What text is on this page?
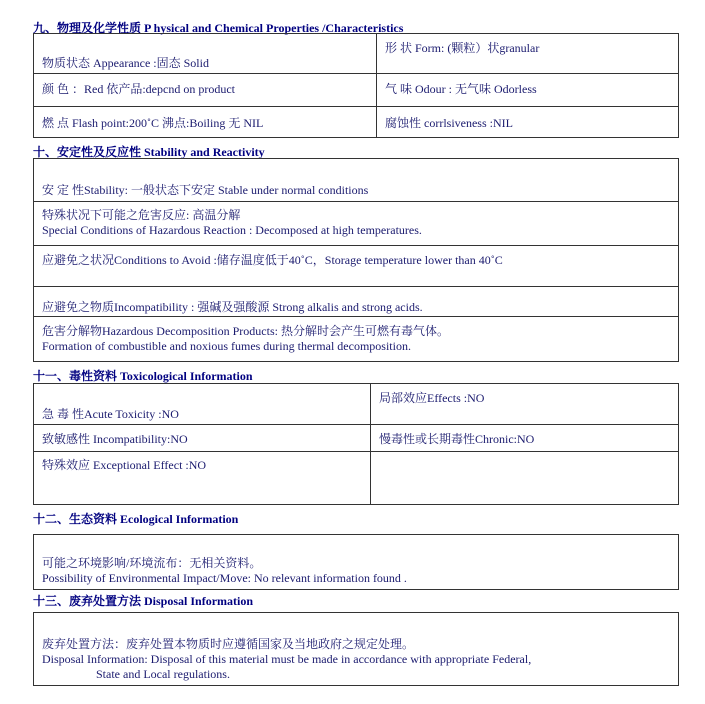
九、物理及化学性质 P hysical and Chemical Properties /Characteristics
物质状态 Appearance :固态 Solid	形 状 Form: (颗粒）状granular

颜 色 ：Red 依产品:depcnd on product	气 味 Odour : 无气味 Odorless

燃 点 Flash point:200˚C 沸点:Boiling 无 NIL	腐蚀性 corrlsiveness :NIL
十、安定性及反应性 Stability and Reactivity
安 定 性Stability: 一般状态下安定 Stable under normal conditions

特殊状况下可能之危害反应: 高温分解
Special Conditions of Hazardous Reaction : Decomposed at high temperatures.

应避免之状况Conditions to Avoid :储存温度低于40˚C，Storage temperature lower than 40˚C

应避免之物质Incompatibility : 强碱及强酸源 Strong alkalis and strong acids.

危害分解物Hazardous Decomposition Products: 热分解时会产生可燃有毒气体。
Formation of combustible and noxious fumes during thermal decomposition.
十一、毒性资料 Toxicological Information
急 毒 性Acute Toxicity :NO	局部效应Effects :NO

致敏感性 Incompatibility:NO	慢毒性或长期毒性Chronic:NO

特殊效应 Exceptional Effect :NO	

十二、生态资料 Ecological Information
可能之环境影响/环境流布：无相关资料。
Possibility of Environmental Impact/Move: No relevant information found .
十三、废弃处置方法 Disposal Information
废弃处置方法：废弃处置本物质时应遵循国家及当地政府之规定处理。
Disposal Information: Disposal of this material must be made in accordance with appropriate Federal,
State and Local regulations.
